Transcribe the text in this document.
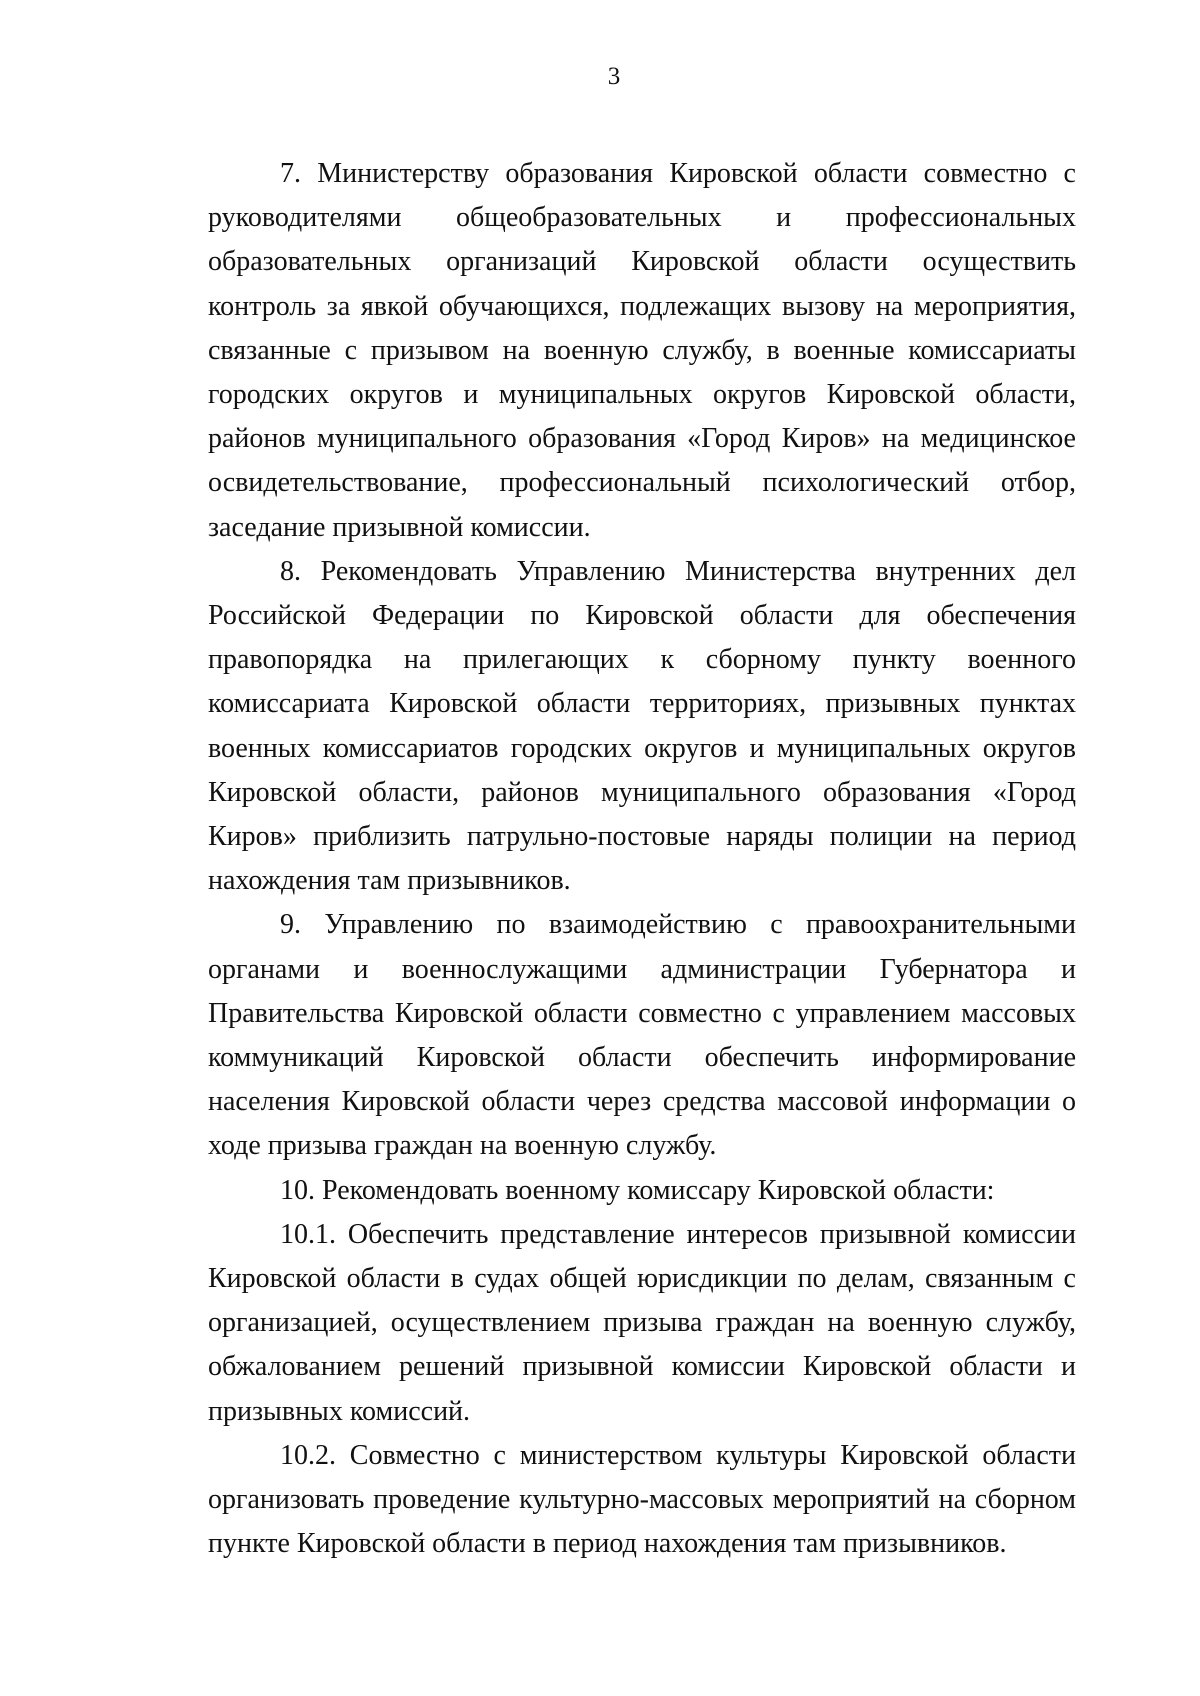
3

7. Министерству образования Кировской области совместно с руководителями общеобразовательных и профессиональных образовательных организаций Кировской области осуществить контроль за явкой обучающихся, подлежащих вызову на мероприятия, связанные с призывом на военную службу, в военные комиссариаты городских округов и муниципальных округов Кировской области, районов муниципального образования «Город Киров» на медицинское освидетельствование, профессиональный психологический отбор, заседание призывной комиссии.

8. Рекомендовать Управлению Министерства внутренних дел Российской Федерации по Кировской области для обеспечения правопорядка на прилегающих к сборному пункту военного комиссариата Кировской области территориях, призывных пунктах военных комиссариатов городских округов и муниципальных округов Кировской области, районов муниципального образования «Город Киров» приблизить патрульно-постовые наряды полиции на период нахождения там призывников.

9. Управлению по взаимодействию с правоохранительными органами и военнослужащими администрации Губернатора и Правительства Кировской области совместно с управлением массовых коммуникаций Кировской области обеспечить информирование населения Кировской области через средства массовой информации о ходе призыва граждан на военную службу.

10. Рекомендовать военному комиссару Кировской области:

10.1. Обеспечить представление интересов призывной комиссии Кировской области в судах общей юрисдикции по делам, связанным с организацией, осуществлением призыва граждан на военную службу, обжалованием решений призывной комиссии Кировской области и призывных комиссий.

10.2. Совместно с министерством культуры Кировской области организовать проведение культурно-массовых мероприятий на сборном пункте Кировской области в период нахождения там призывников.
